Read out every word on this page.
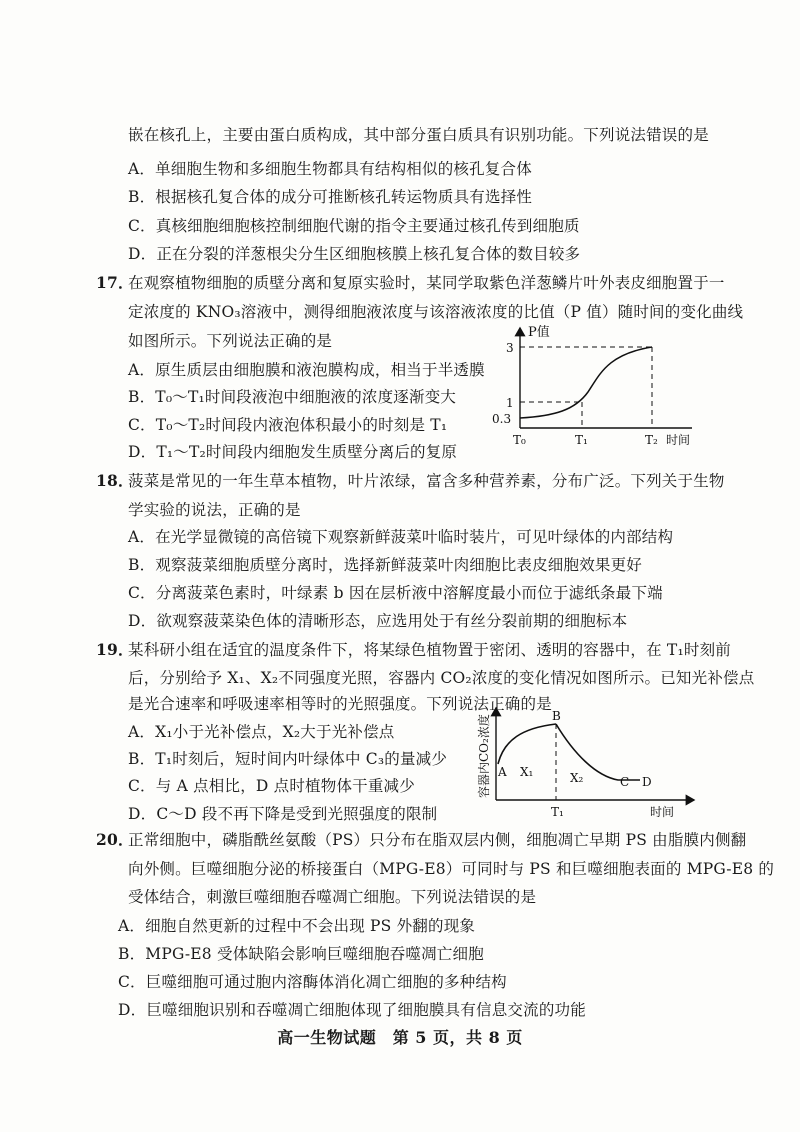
嵌在核孔上，主要由蛋白质构成，其中部分蛋白质具有识别功能。下列说法错误的是
A．单细胞生物和多细胞生物都具有结构相似的核孔复合体
B．根据核孔复合体的成分可推断核孔转运物质具有选择性
C．真核细胞细胞核控制细胞代谢的指令主要通过核孔传到细胞质
D．正在分裂的洋葱根尖分生区细胞核膜上核孔复合体的数目较多
17．
在观察植物细胞的质壁分离和复原实验时，某同学取紫色洋葱鳞片叶外表皮细胞置于一
定浓度的 KNO₃溶液中，测得细胞液浓度与该溶液浓度的比值（P 值）随时间的变化曲线
如图所示。下列说法正确的是
A．原生质层由细胞膜和液泡膜构成，相当于半透膜
B．T₀～T₁时间段液泡中细胞液的浓度逐渐变大
C．T₀～T₂时间段内液泡体积最小的时刻是 T₁
D．T₁～T₂时间段内细胞发生质壁分离后的复原
P值
3
1
0.3
T₀	T₁	T₂ 时间
18．
菠菜是常见的一年生草本植物，叶片浓绿，富含多种营养素，分布广泛。下列关于生物
学实验的说法，正确的是
A．在光学显微镜的高倍镜下观察新鲜菠菜叶临时装片，可见叶绿体的内部结构
B．观察菠菜细胞质壁分离时，选择新鲜菠菜叶肉细胞比表皮细胞效果更好
C．分离菠菜色素时，叶绿素 b 因在层析液中溶解度最小而位于滤纸条最下端
D．欲观察菠菜染色体的清晰形态，应选用处于有丝分裂前期的细胞标本
19．
某科研小组在适宜的温度条件下，将某绿色植物置于密闭、透明的容器中，在 T₁时刻前
后，分别给予 X₁、X₂不同强度光照，容器内 CO₂浓度的变化情况如图所示。已知光补偿点
是光合速率和呼吸速率相等时的光照强度。下列说法正确的是
A．X₁小于光补偿点，X₂大于光补偿点
B．T₁时刻后，短时间内叶绿体中 C₃的量减少
C．与 A 点相比，D 点时植物体干重减少
D．C～D 段不再下降是受到光照强度的限制
容器内CO₂浓度 A
B
C D
X₁	X₂
T₁	时间
20．
正常细胞中，磷脂酰丝氨酸（PS）只分布在脂双层内侧，细胞凋亡早期 PS 由脂膜内侧翻
向外侧。巨噬细胞分泌的桥接蛋白（MPG-E8）可同时与 PS 和巨噬细胞表面的 MPG-E8 的
受体结合，刺激巨噬细胞吞噬凋亡细胞。下列说法错误的是
A．细胞自然更新的过程中不会出现 PS 外翻的现象
B．MPG-E8 受体缺陷会影响巨噬细胞吞噬凋亡细胞
C．巨噬细胞可通过胞内溶酶体消化凋亡细胞的多种结构
D．巨噬细胞识别和吞噬凋亡细胞体现了细胞膜具有信息交流的功能
高一生物试题　第 5 页，共 8 页
